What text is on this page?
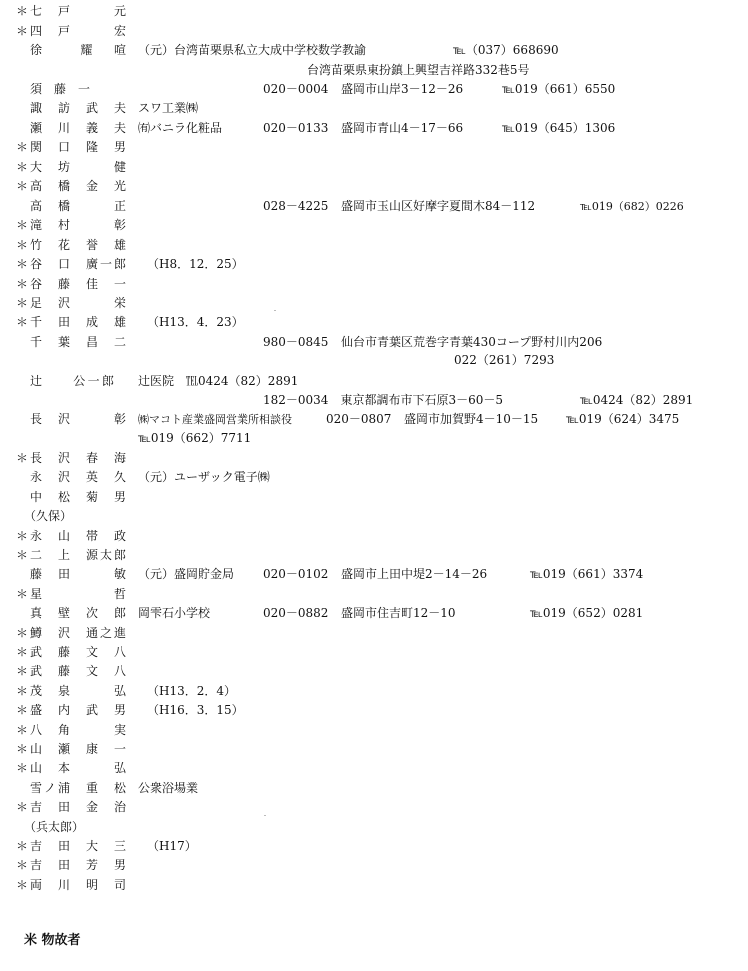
＊ 七　戸　　　元
＊ 四　戸　　　宏
徐　　耀　喧 （元）台湾苗栗県私立大成中学校数学教諭	℡（037）668690
台湾苗栗県東扮鎮上興望吉祥路332巷5号
須　藤　一	020－0004 盛岡市山岸3－12－26	℡019（661）6550
諏　訪　武　夫 スワ工業㈱
瀬　川　義　夫 ㈲バニラ化粧品	020－0133 盛岡市青山4－17－66	℡019（645）1306
＊ 関　口　隆　男
＊ 大　坊　　　健
＊ 高　橋　金　光
高　橋　　　正	028－4225 盛岡市玉山区好摩字夏間木84－112	℡019（682）0226
＊ 滝　村　　　彰
＊ 竹　花　誉　雄
＊ 谷　口　廣一郎 （H8．12．25）
＊ 谷　藤　佳　一
＊ 足　沢　　　栄
＊ 千　田　成　雄 （H13．4．23）
千　葉　昌　二	980－0845 仙台市青葉区荒巻字青葉430コープ野村川内206
022（261）7293
辻　　公一郎 辻医院　℡0424（82）2891
182－0034　東京都調布市下石原3－60－5	℡0424（82）2891
長　沢　　　彰 ㈱マコト産業盛岡営業所相談役	020－0807 盛岡市加賀野4－10－15 ℡019（624）3475
℡019（662）7711
＊ 長　沢　春　海
永　沢　英　久 （元）ユーザック電子㈱
中　松　菊　男
（久保）
＊ 永　山　帯　政
＊ 二　上　源太郎
藤　田　　　敏 （元）盛岡貯金局 020－0102 盛岡市上田中堤2－14－26	℡019（661）3374
＊ 星　　　　　哲
真　壁　次　郎 岡雫石小学校	020－0882 盛岡市住吉町12－10	℡019（652）0281
＊ 鱒　沢　通之進
＊ 武　藤　文　八
＊ 武　藤　文　八
＊ 茂　泉　　　弘 （H13．2．4）
＊ 盛　内　武　男 （H16．3．15）
＊ 八　角　　　実
＊ 山　瀬　康　一
＊ 山　本　　　弘
雪ノ浦　重　松 公衆浴場業
＊ 吉　田　金　治
（兵太郎）
＊ 吉　田　大　三 （H17）
＊ 吉　田　芳　男
＊ 両　川　明　司
米 物故者
